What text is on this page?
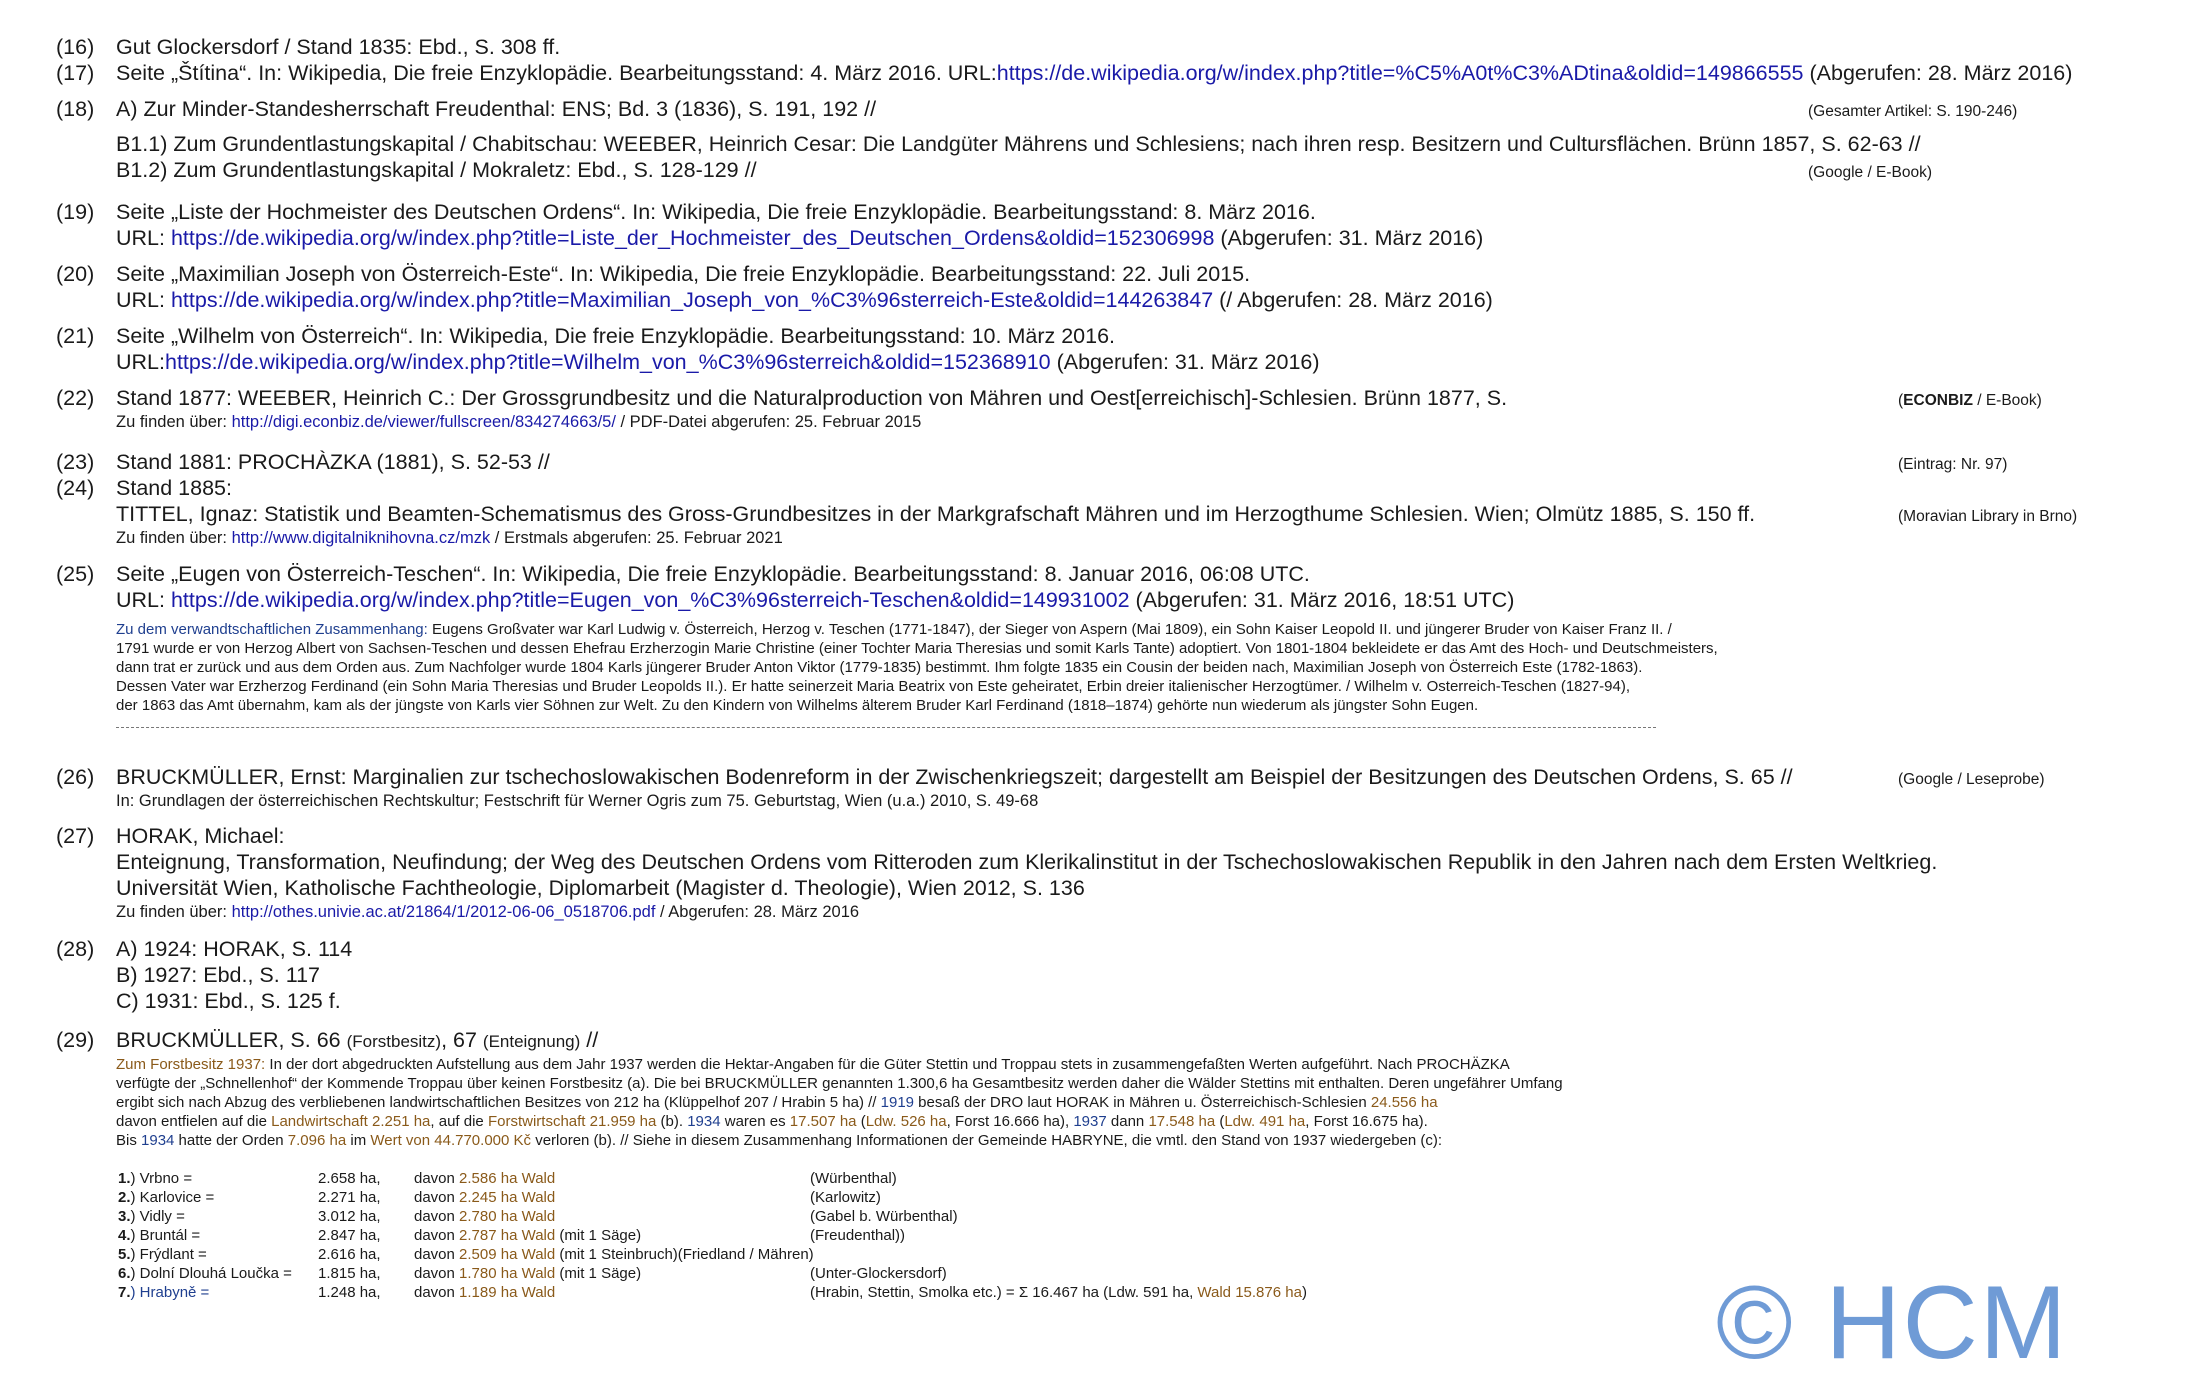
(16) Gut Glockersdorf / Stand 1835: Ebd., S. 308 ff.
(17) Seite „Štítina“. In: Wikipedia, Die freie Enzyklopädie. Bearbeitungsstand: 4. März 2016. URL:https://de.wikipedia.org/w/index.php?title=%C5%A0t%C3%ADtina&oldid=149866555 (Abgerufen: 28. März 2016)
(18) A) Zur Minder-Standesherrschaft Freudenthal: ENS; Bd. 3 (1836), S. 191, 192 //	(Gesamter Artikel: S. 190-246)
B1.1) Zum Grundentlastungskapital / Chabitschau: WEEBER, Heinrich Cesar: Die Landgüter Mährens und Schlesiens; nach ihren resp. Besitzern und Cultursﬂächen. Brünn 1857, S. 62-63 //
B1.2) Zum Grundentlastungskapital / Mokraletz: Ebd., S. 128-129 //	(Google / E-Book)
(19) Seite „Liste der Hochmeister des Deutschen Ordens“. In: Wikipedia, Die freie Enzyklopädie. Bearbeitungsstand: 8. März 2016.
URL: https://de.wikipedia.org/w/index.php?title=Liste_der_Hochmeister_des_Deutschen_Ordens&oldid=152306998 (Abgerufen: 31. März 2016)
(20) Seite „Maximilian Joseph von Österreich-Este“. In: Wikipedia, Die freie Enzyklopädie. Bearbeitungsstand: 22. Juli 2015.
URL: https://de.wikipedia.org/w/index.php?title=Maximilian_Joseph_von_%C3%96sterreich-Este&oldid=144263847 (/ Abgerufen: 28. März 2016)
(21) Seite „Wilhelm von Österreich“. In: Wikipedia, Die freie Enzyklopädie. Bearbeitungsstand: 10. März 2016.
URL:https://de.wikipedia.org/w/index.php?title=Wilhelm_von_%C3%96sterreich&oldid=152368910 (Abgerufen: 31. März 2016)
(22) Stand 1877: WEEBER, Heinrich C.: Der Grossgrundbesitz und die Naturalproduction von Mähren und Oest[erreichisch]-Schlesien. Brünn 1877, S.	(ECONBIZ / E-Book)
Zu finden über: http://digi.econbiz.de/viewer/fullscreen/834274663/5/ / PDF-Datei abgerufen: 25. Februar 2015
(23) Stand 1881: PROCHÀZKA (1881), S. 52-53 //	(Eintrag: Nr. 97)
(24) Stand 1885:
TITTEL, Ignaz: Statistik und Beamten-Schematismus des Gross-Grundbesitzes in der Markgrafschaft Mähren und im Herzogthume Schlesien. Wien; Olmütz 1885, S. 150 ff.	(Moravian Library in Brno)
Zu finden über: http://www.digitalniknihovna.cz/mzk / Erstmals abgerufen: 25. Februar 2021
(25) Seite „Eugen von Österreich-Teschen“. In: Wikipedia, Die freie Enzyklopädie. Bearbeitungsstand: 8. Januar 2016, 06:08 UTC.
URL: https://de.wikipedia.org/w/index.php?title=Eugen_von_%C3%96sterreich-Teschen&oldid=149931002 (Abgerufen: 31. März 2016, 18:51 UTC)
Zu dem verwandtschaftlichen Zusammenhang: Eugens Großvater war Karl Ludwig v. Österreich, Herzog v. Teschen (1771-1847), der Sieger von Aspern (Mai 1809), ein Sohn Kaiser Leopold II. und jüngerer Bruder von Kaiser Franz II. /
1791 wurde er von Herzog Albert von Sachsen-Teschen und dessen Ehefrau Erzherzogin Marie Christine (einer Tochter Maria Theresias und somit Karls Tante) adoptiert. Von 1801-1804 bekleidete er das Amt des Hoch- und Deutschmeisters,
dann trat er zurück und aus dem Orden aus. Zum Nachfolger wurde 1804 Karls jüngerer Bruder Anton Viktor (1779-1835) bestimmt. Ihm folgte 1835 ein Cousin der beiden nach, Maximilian Joseph von Österreich Este (1782-1863).
Dessen Vater war Erzherzog Ferdinand (ein Sohn Maria Theresias und Bruder Leopolds II.). Er hatte seinerzeit Maria Beatrix von Este geheiratet, Erbin dreier italienischer Herzogtümer. / Wilhelm v. Osterreich-Teschen (1827-94),
der 1863 das Amt übernahm, kam als der jüngste von Karls vier Söhnen zur Welt. Zu den Kindern von Wilhelms älterem Bruder Karl Ferdinand (1818–1874) gehörte nun wiederum als jüngster Sohn Eugen.
(26) BRUCKMÜLLER, Ernst: Marginalien zur tschechoslowakischen Bodenreform in der Zwischenkriegszeit; dargestellt am Beispiel der Besitzungen des Deutschen Ordens, S. 65 //	(Google / Leseprobe)
In: Grundlagen der österreichischen Rechtskultur; Festschrift für Werner Ogris zum 75. Geburtstag, Wien (u.a.) 2010, S. 49-68
(27) HORAK, Michael:
Enteignung, Transformation, Neufindung; der Weg des Deutschen Ordens vom Ritteroden zum Klerikalinstitut in der Tschechoslowakischen Republik in den Jahren nach dem Ersten Weltkrieg.
Universität Wien, Katholische Fachtheologie, Diplomarbeit (Magister d. Theologie), Wien 2012, S. 136
Zu finden über: http://othes.univie.ac.at/21864/1/2012-06-06_0518706.pdf / Abgerufen: 28. März 2016
(28) A) 1924: HORAK, S. 114
B) 1927: Ebd., S. 117
C) 1931: Ebd., S. 125 f.
(29) BRUCKMÜLLER, S. 66 (Forstbesitz), 67 (Enteignung) //
Zum Forstbesitz 1937: In der dort abgedruckten Aufstellung aus dem Jahr 1937 werden die Hektar-Angaben für die Güter Stettin und Troppau stets in zusammengefaßten Werten aufgeführt. Nach PROCHÄZKA
verfügte der „Schnellenhof“ der Kommende Troppau über keinen Forstbesitz (a). Die bei BRUCKMÜLLER genannten 1.300,6 ha Gesamtbesitz werden daher die Wälder Stettins mit enthalten. Deren ungefährer Umfang
ergibt sich nach Abzug des verbliebenen landwirtschaftlichen Besitzes von 212 ha (Klüppelhof 207 / Hrabin 5 ha) // 1919 besaß der DRO laut HORAK in Mähren u. Österreichisch-Schlesien 24.556 ha
davon entfielen auf die Landwirtschaft 2.251 ha, auf die Forstwirtschaft 21.959 ha (b). 1934 waren es 17.507 ha (Ldw. 526 ha, Forst 16.666 ha), 1937 dann 17.548 ha (Ldw. 491 ha, Forst 16.675 ha).
Bis 1934 hatte der Orden 7.096 ha im Wert von 44.770.000 Kč verloren (b). // Siehe in diesem Zusammenhang Informationen der Gemeinde HABRYNE, die vmtl. den Stand von 1937 wiedergeben (c):
1.) Vrbno =	2.658 ha, davon 2.586 ha Wald	(Würbenthal)
2.) Karlovice =	2.271 ha, davon 2.245 ha Wald	(Karlowitz)
3.) Vidly =	3.012 ha, davon 2.780 ha Wald	(Gabel b. Würbenthal)
4.) Bruntál =	2.847 ha, davon 2.787 ha Wald (mit 1 Säge)	(Freudenthal))
5.) Frýdlant =	2.616 ha, davon 2.509 ha Wald (mit 1 Steinbruch)(Friedland / Mähren)
6.) Dolní Dlouhá Loučka = 1.815 ha, davon 1.780 ha Wald (mit 1 Säge)	(Unter-Glockersdorf)
7.) Hrabyně =	1.248 ha, davon 1.189 ha Wald	(Hrabin, Stettin, Smolka etc.) = Σ 16.467 ha (Ldw. 591 ha, Wald 15.876 ha)	© HCM
